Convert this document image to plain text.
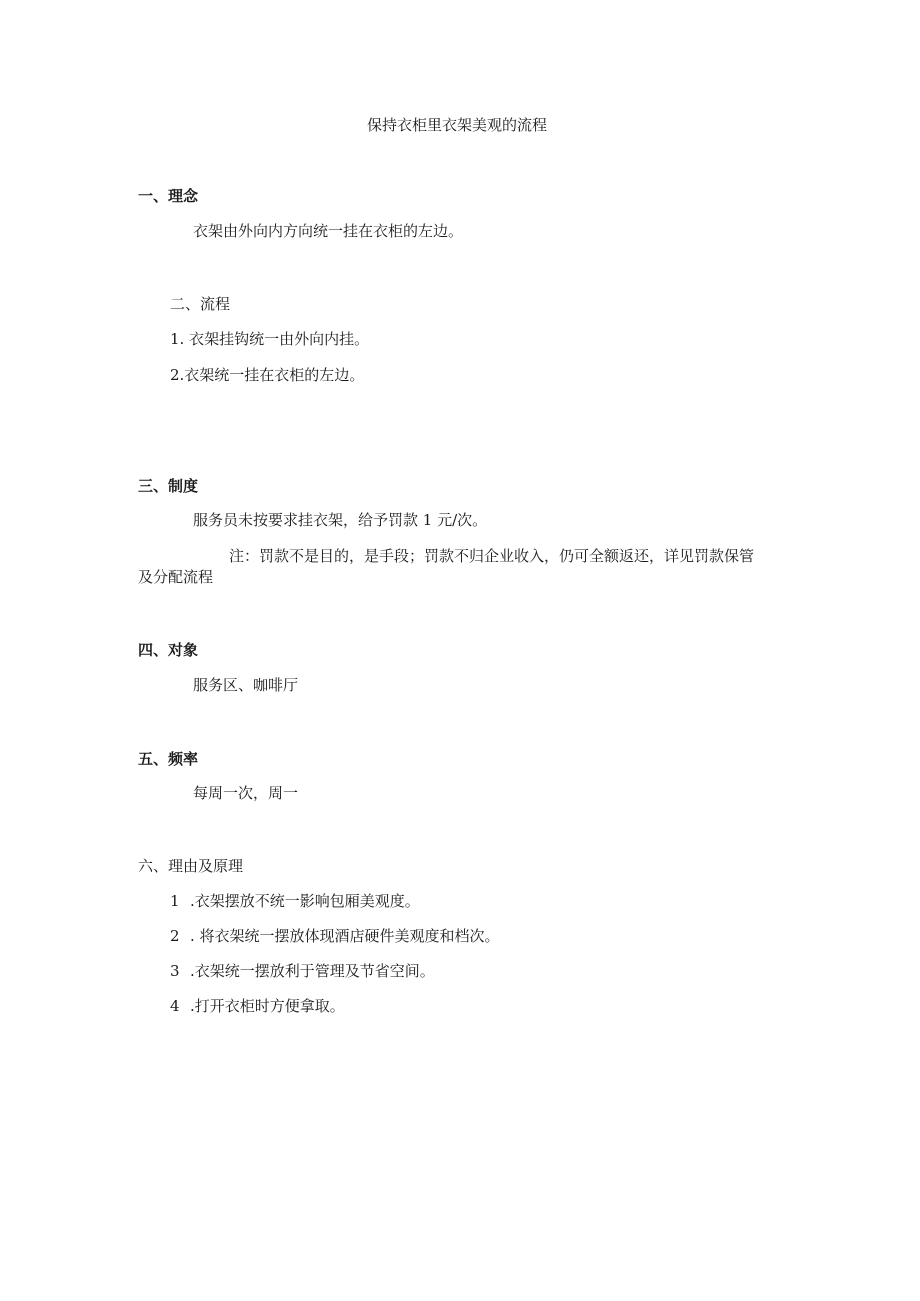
保持衣柜里衣架美观的流程
一、理念
衣架由外向内方向统一挂在衣柜的左边。
二、流程
1. 衣架挂钩统一由外向内挂。
2.衣架统一挂在衣柜的左边。
三、制度
服务员未按要求挂衣架，给予罚款 1 元/次。
注：罚款不是目的，是手段；罚款不归企业收入，仍可全额返还，详见罚款保管
及分配流程
四、对象
服务区、咖啡厅
五、频率
每周一次，周一
六、理由及原理
1 .衣架摆放不统一影响包厢美观度。
2 . 将衣架统一摆放体现酒店硬件美观度和档次。
3 .衣架统一摆放利于管理及节省空间。
4 .打开衣柜时方便拿取。
